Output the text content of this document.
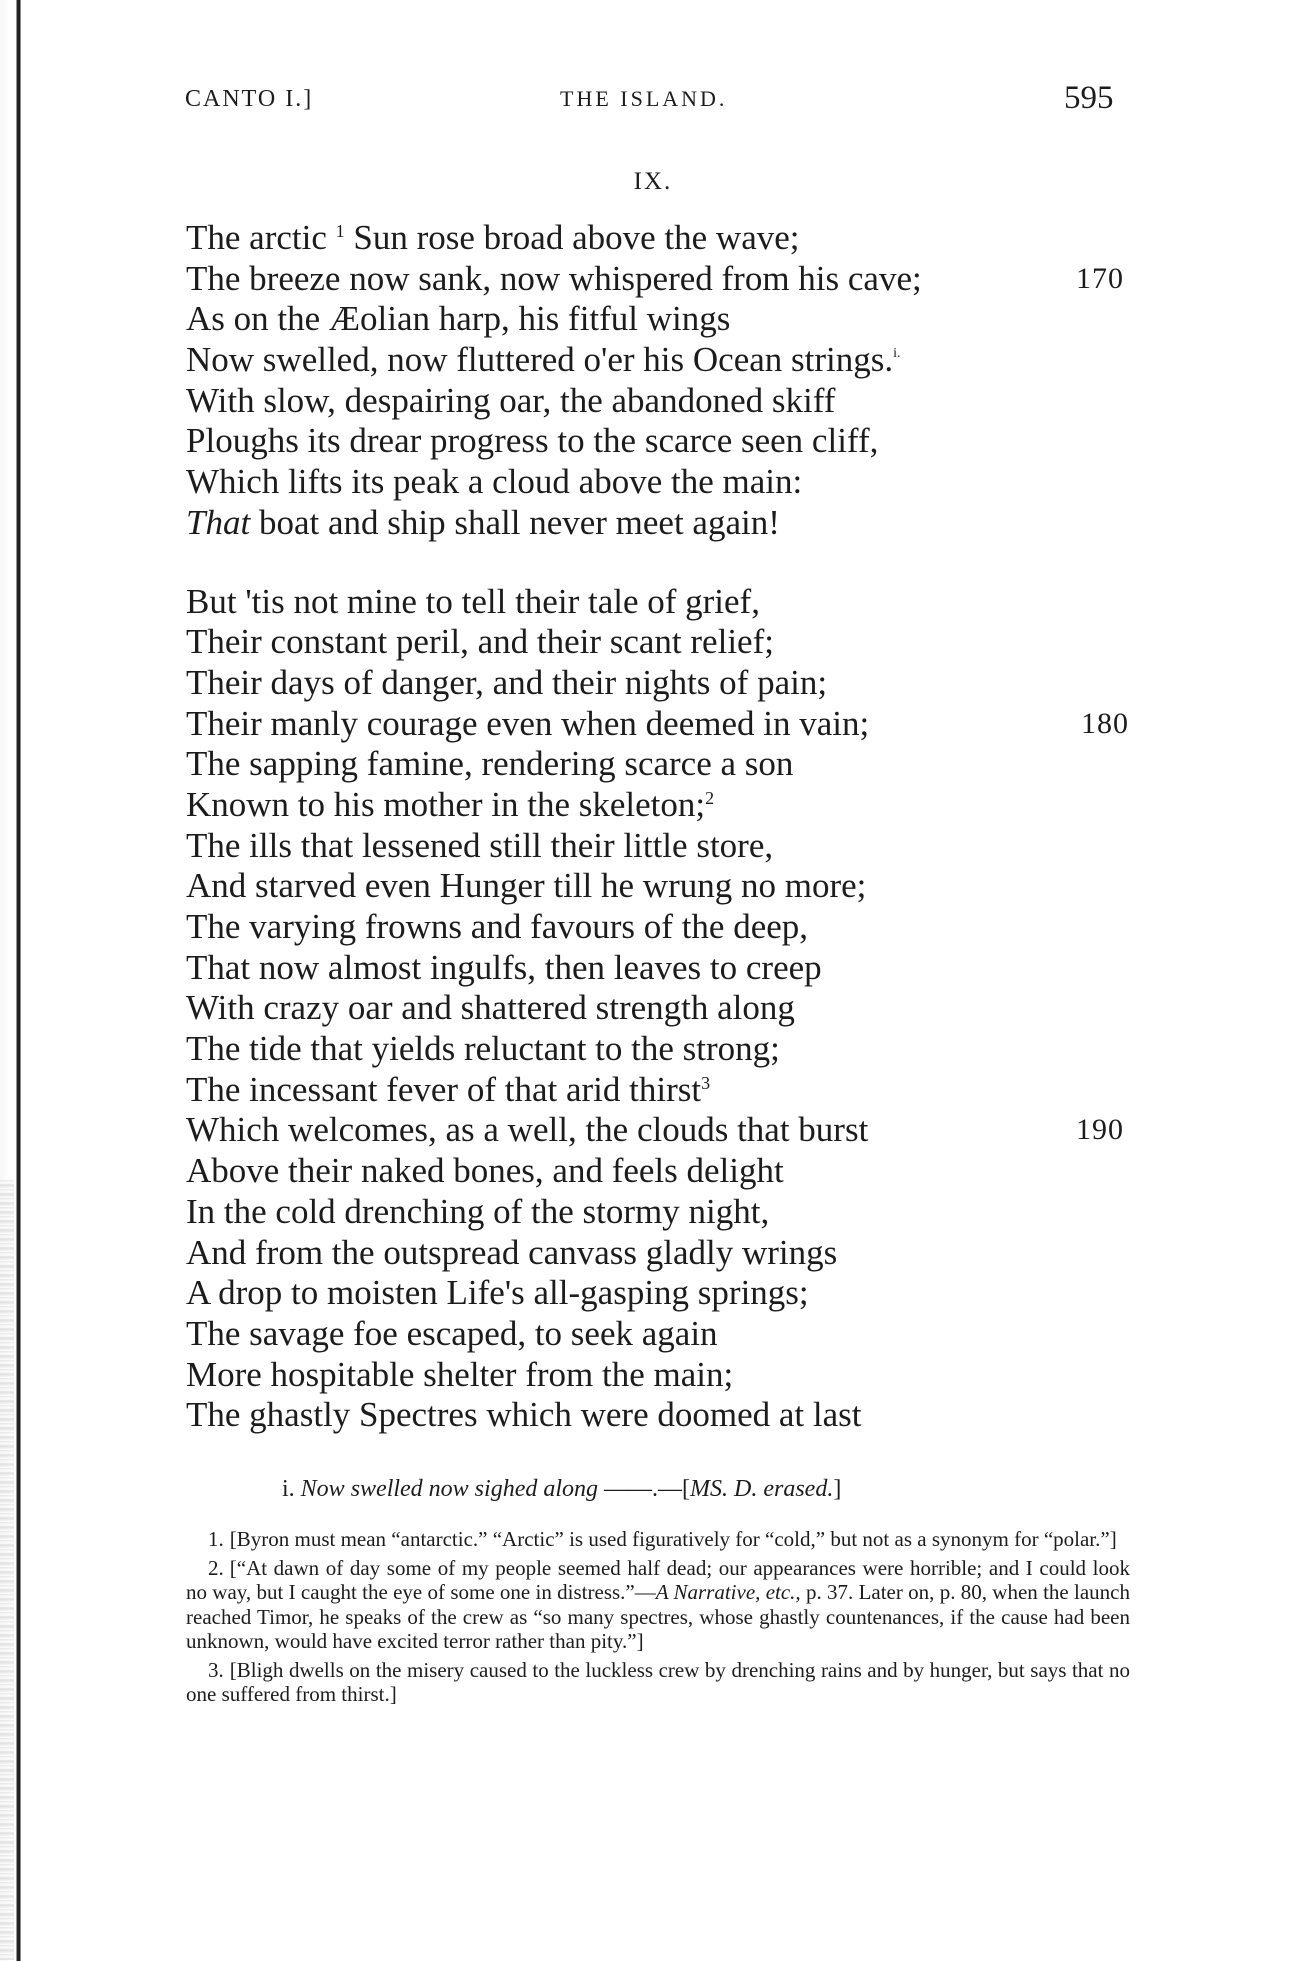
CANTO I.]	THE ISLAND.	595
IX.
The arctic $^1$ Sun rose broad above the wave;
The breeze now sank, now whispered from his cave;	170
As on the Æolian harp, his fitful wings
Now swelled, now fluttered o'er his Ocean strings.$^{i.}$
With slow, despairing oar, the abandoned skiff
Ploughs its drear progress to the scarce seen cliff,
Which lifts its peak a cloud above the main:
That boat and ship shall never meet again!
But 'tis not mine to tell their tale of grief,
Their constant peril, and their scant relief;
Their days of danger, and their nights of pain;
Their manly courage even when deemed in vain;	180
The sapping famine, rendering scarce a son
Known to his mother in the skeleton;$^2$
The ills that lessened still their little store,
And starved even Hunger till he wrung no more;
The varying frowns and favours of the deep,
That now almost ingulfs, then leaves to creep
With crazy oar and shattered strength along
The tide that yields reluctant to the strong;
The incessant fever of that arid thirst$^3$
Which welcomes, as a well, the clouds that burst	190
Above their naked bones, and feels delight
In the cold drenching of the stormy night,
And from the outspread canvass gladly wrings
A drop to moisten Life's all-gasping springs;
The savage foe escaped, to seek again
More hospitable shelter from the main;
The ghastly Spectres which were doomed at last
i. Now swelled now sighed along ——.—[MS. D. erased.]
1. [Byron must mean “antarctic.” “Arctic” is used figuratively for “cold,” but not as a synonym for “polar.”]
2. [“At dawn of day some of my people seemed half dead; our appearances were horrible; and I could look no way, but I caught the eye of some one in distress.”—A Narrative, etc., p. 37. Later on, p. 80, when the launch reached Timor, he speaks of the crew as “so many spectres, whose ghastly countenances, if the cause had been unknown, would have excited terror rather than pity.”]
3. [Bligh dwells on the misery caused to the luckless crew by drenching rains and by hunger, but says that no one suffered from thirst.]
